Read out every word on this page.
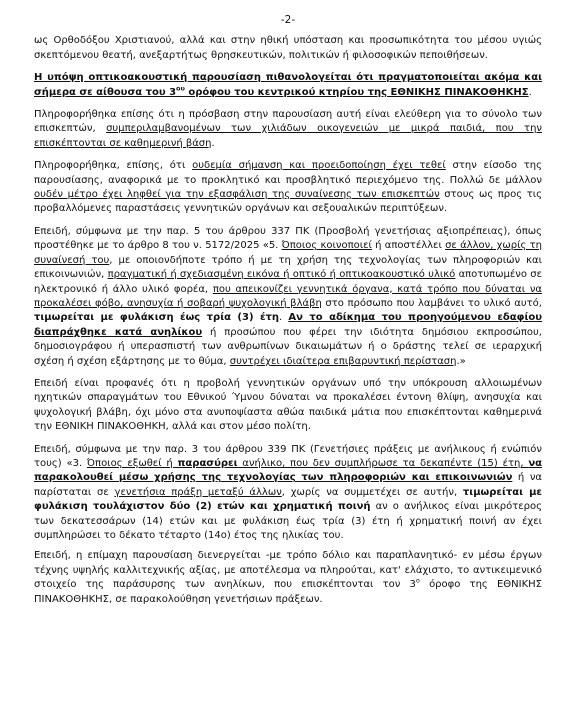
-2-

ως Ορθοδόξου Χριστιανού, αλλά και στην ηθική υπόσταση και προσωπικότητα του μέσου υγιώς σκεπτόμενου θεατή, ανεξαρτήτως θρησκευτικών, πολιτικών ή φιλοσοφικών πεποιθήσεων.

Η υπόψη οπτικοακουστική παρουσίαση πιθανολογείται ότι πραγματοποιείται ακόμα και σήμερα σε αίθουσα του $3^{o\upsilon}$ ορόφου του κεντρικού κτηρίου της ΕΘΝΙΚΗΣ ΠΙΝΑΚΟΘΗΚΗΣ.

Πληροφορήθηκα επίσης ότι η πρόσβαση στην παρουσίαση αυτή είναι ελεύθερη για το σύνολο των επισκεπτών, συμπεριλαμβανομένων των χιλιάδων οικογενειών με μικρά παιδιά, που την επισκέπτονται σε καθημερινή βάση.

Πληροφορήθηκα, επίσης, ότι ουδεμία σήμανση και προειδοποίηση έχει τεθεί στην είσοδο της παρουσίασης, αναφορικά με το προκλητικό και προσβλητικό περιεχόμενο της. Πολλώ δε μάλλον ουδέν μέτρο έχει ληφθεί για την εξασφάλιση της συναίνεσης των επισκεπτών στους ως προς τις προβαλλόμενες παραστάσεις γεννητικών οργάνων και σεξουαλικών περιπτύξεων.

Επειδή, σύμφωνα με την παρ. 5 του άρθρου 337 ΠΚ (Προσβολή γενετήσιας αξιοπρέπειας), όπως προστέθηκε με το άρθρο 8 του ν. 5172/2025 «5. Όποιος κοινοποιεί ή αποστέλλει σε άλλον, χωρίς τη συναίνεσή του, με οποιονδήποτε τρόπο ή με τη χρήση της τεχνολογίας των πληροφοριών και επικοινωνιών, πραγματική ή σχεδιασμένη εικόνα ή οπτικό ή οπτικοακουστικό υλικό αποτυπωμένο σε ηλεκτρονικό ή άλλο υλικό φορέα, που απεικονίζει γεννητικά όργανα, κατά τρόπο που δύναται να προκαλέσει φόβο, ανησυχία ή σοβαρή ψυχολογική βλάβη στο πρόσωπο που λαμβάνει το υλικό αυτό, τιμωρείται με φυλάκιση έως τρία (3) έτη. Αν το αδίκημα του προηγούμενου εδαφίου διαπράχθηκε κατά ανηλίκου ή προσώπου που φέρει την ιδιότητα δημόσιου εκπροσώπου, δημοσιογράφου ή υπερασπιστή των ανθρωπίνων δικαιωμάτων ή ο δράστης τελεί σε ιεραρχική σχέση ή σχέση εξάρτησης με το θύμα, συντρέχει ιδιαίτερα επιβαρυντική περίσταση.»

Επειδή είναι προφανές ότι η προβολή γεννητικών οργάνων υπό την υπόκρουση αλλοιωμένων ηχητικών σπαραγμάτων του Εθνικού Ύμνου δύναται να προκαλέσει έντονη θλίψη, ανησυχία και ψυχολογική βλάβη, όχι μόνο στα ανυποψίαστα αθώα παιδικά μάτια που επισκέπτονται καθημερινά την ΕΘΝΙΚΗ ΠΙΝΑΚΟΘΗΚΗ, αλλά και στον μέσο πολίτη.

Επειδή, σύμφωνα με την παρ. 3 του άρθρου 339 ΠΚ (Γενετήσιες πράξεις με ανήλικους ή ενώπιόν τους) «3. Όποιος εξωθεί ή παρασύρει ανήλικο, που δεν συμπλήρωσε τα δεκαπέντε (15) έτη, να παρακολουθεί μέσω χρήσης της τεχνολογίας των πληροφοριών και επικοινωνιών ή να παρίσταται σε γενετήσια πράξη μεταξύ άλλων, χωρίς να συμμετέχει σε αυτήν, τιμωρείται με φυλάκιση τουλάχιστον δύο (2) ετών και χρηματική ποινή αν ο ανήλικος είναι μικρότερος των δεκατεσσάρων (14) ετών και με φυλάκιση έως τρία (3) έτη ή χρηματική ποινή αν έχει συμπληρώσει το δέκατο τέταρτο (14ο) έτος της ηλικίας του.

Επειδή, η επίμαχη παρουσίαση διενεργείται -με τρόπο δόλιο και παραπλανητικό- εν μέσω έργων τέχνης υψηλής καλλιτεχνικής αξίας, με αποτέλεσμα να πληρούται, κατ' ελάχιστο, το αντικειμενικό στοιχείο της παράσυρσης των ανηλίκων, που επισκέπτονται τον $3^o$ όροφο της ΕΘΝΙΚΗΣ ΠΙΝΑΚΟΘΗΚΗΣ, σε παρακολούθηση γενετήσιων πράξεων.
